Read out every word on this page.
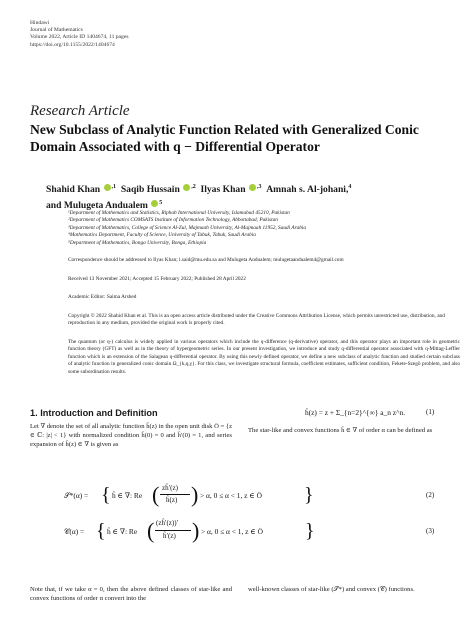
Hindawi
Journal of Mathematics
Volume 2022, Article ID 1404674, 11 pages
https://doi.org/10.1155/2022/1404674
Research Article
New Subclass of Analytic Function Related with Generalized Conic
Domain Associated with q − Differential Operator
Shahid Khan $^{,1}$ Saqib Hussain $^{,2}$ Ilyas Khan $^{,3}$ Amnah s. Al-johani,$^4$
and Mulugeta Andualem $^5$
¹Department of Mathematics and Statistics, Riphah International University, Islamabad 45210, Pakistan
²Department of Mathematics COMSATS Institute of Information Technology, Abbottabad, Pakistan
³Department of Mathematics, College of Science Al-Zul, Majmaah University, Al-Majmaah 11952, Saudi Arabia
⁴Mathematics Department, Faculty of Science, University of Tabuk, Tabuk, Saudi Arabia
⁵Department of Mathematics, Bonga University, Bonga, Ethiopia
Correspondence should be addressed to Ilyas Khan; i.said@mu.edu.sa and Mulugeta Andualem; mulugetaandualem4@gmail.com
Received 13 November 2021; Accepted 15 February 2022; Published 28 April 2022
Academic Editor: Saima Arshed
Copyright © 2022 Shahid Khan et al. This is an open access article distributed under the Creative Commons Attribution License, which permits unrestricted use, distribution, and reproduction in any medium, provided the original work is properly cited.
The quantum (or q-) calculus is widely applied in various operators which include the q-difference (q-derivative) operator, and this operator plays an important role in geometric function theory (GFT) as well as in the theory of hypergeometric series. In our present investigation, we introduce and study q-differential operator associated with q-Mittag-Leffler function which is an extension of the Salagean q-differential operator. By using this newly defined operator, we define a new subclass of analytic function and studied certain subclass of analytic function in generalized conic domain Ω_{k,q,γ}. For this class, we investigate structural formula, coefficient estimates, sufficient condition, Fekete-Szegö problem, and also some subordination results.
1. Introduction and Definition
Let ∇ denote the set of all analytic function ĥ(z) in the open unit disk Ö = {z ∈ ℂ: |z| < 1} with normalized condition ĥ(0) = 0 and ĥ′(0) = 1, and series expansion of ĥ(z) ∈ ∇ is given as
ĥ(z) = z + Σ_{n=2}^{∞} a_n z^n.	(1)
The star-like and convex functions ĥ ∈ ∇ of order α can be defined as
𝒮*(α) = { ĥ ∈ ∇: Re ( zĥ′(z)
ĥ(z) ) > α, 0 ≤ α < 1, z ∈ Ö }	(2)
𝒞(α) = { ĥ ∈ ∇: Re ( (zĥ′(z))′
ĥ′(z) ) > α, 0 ≤ α < 1, z ∈ Ö }	(3)
Note that, if we take α = 0, then the above defined classes of star-like and convex functions of order α convert into the
well-known classes of star-like (𝒮*) and convex (𝒞) functions.
